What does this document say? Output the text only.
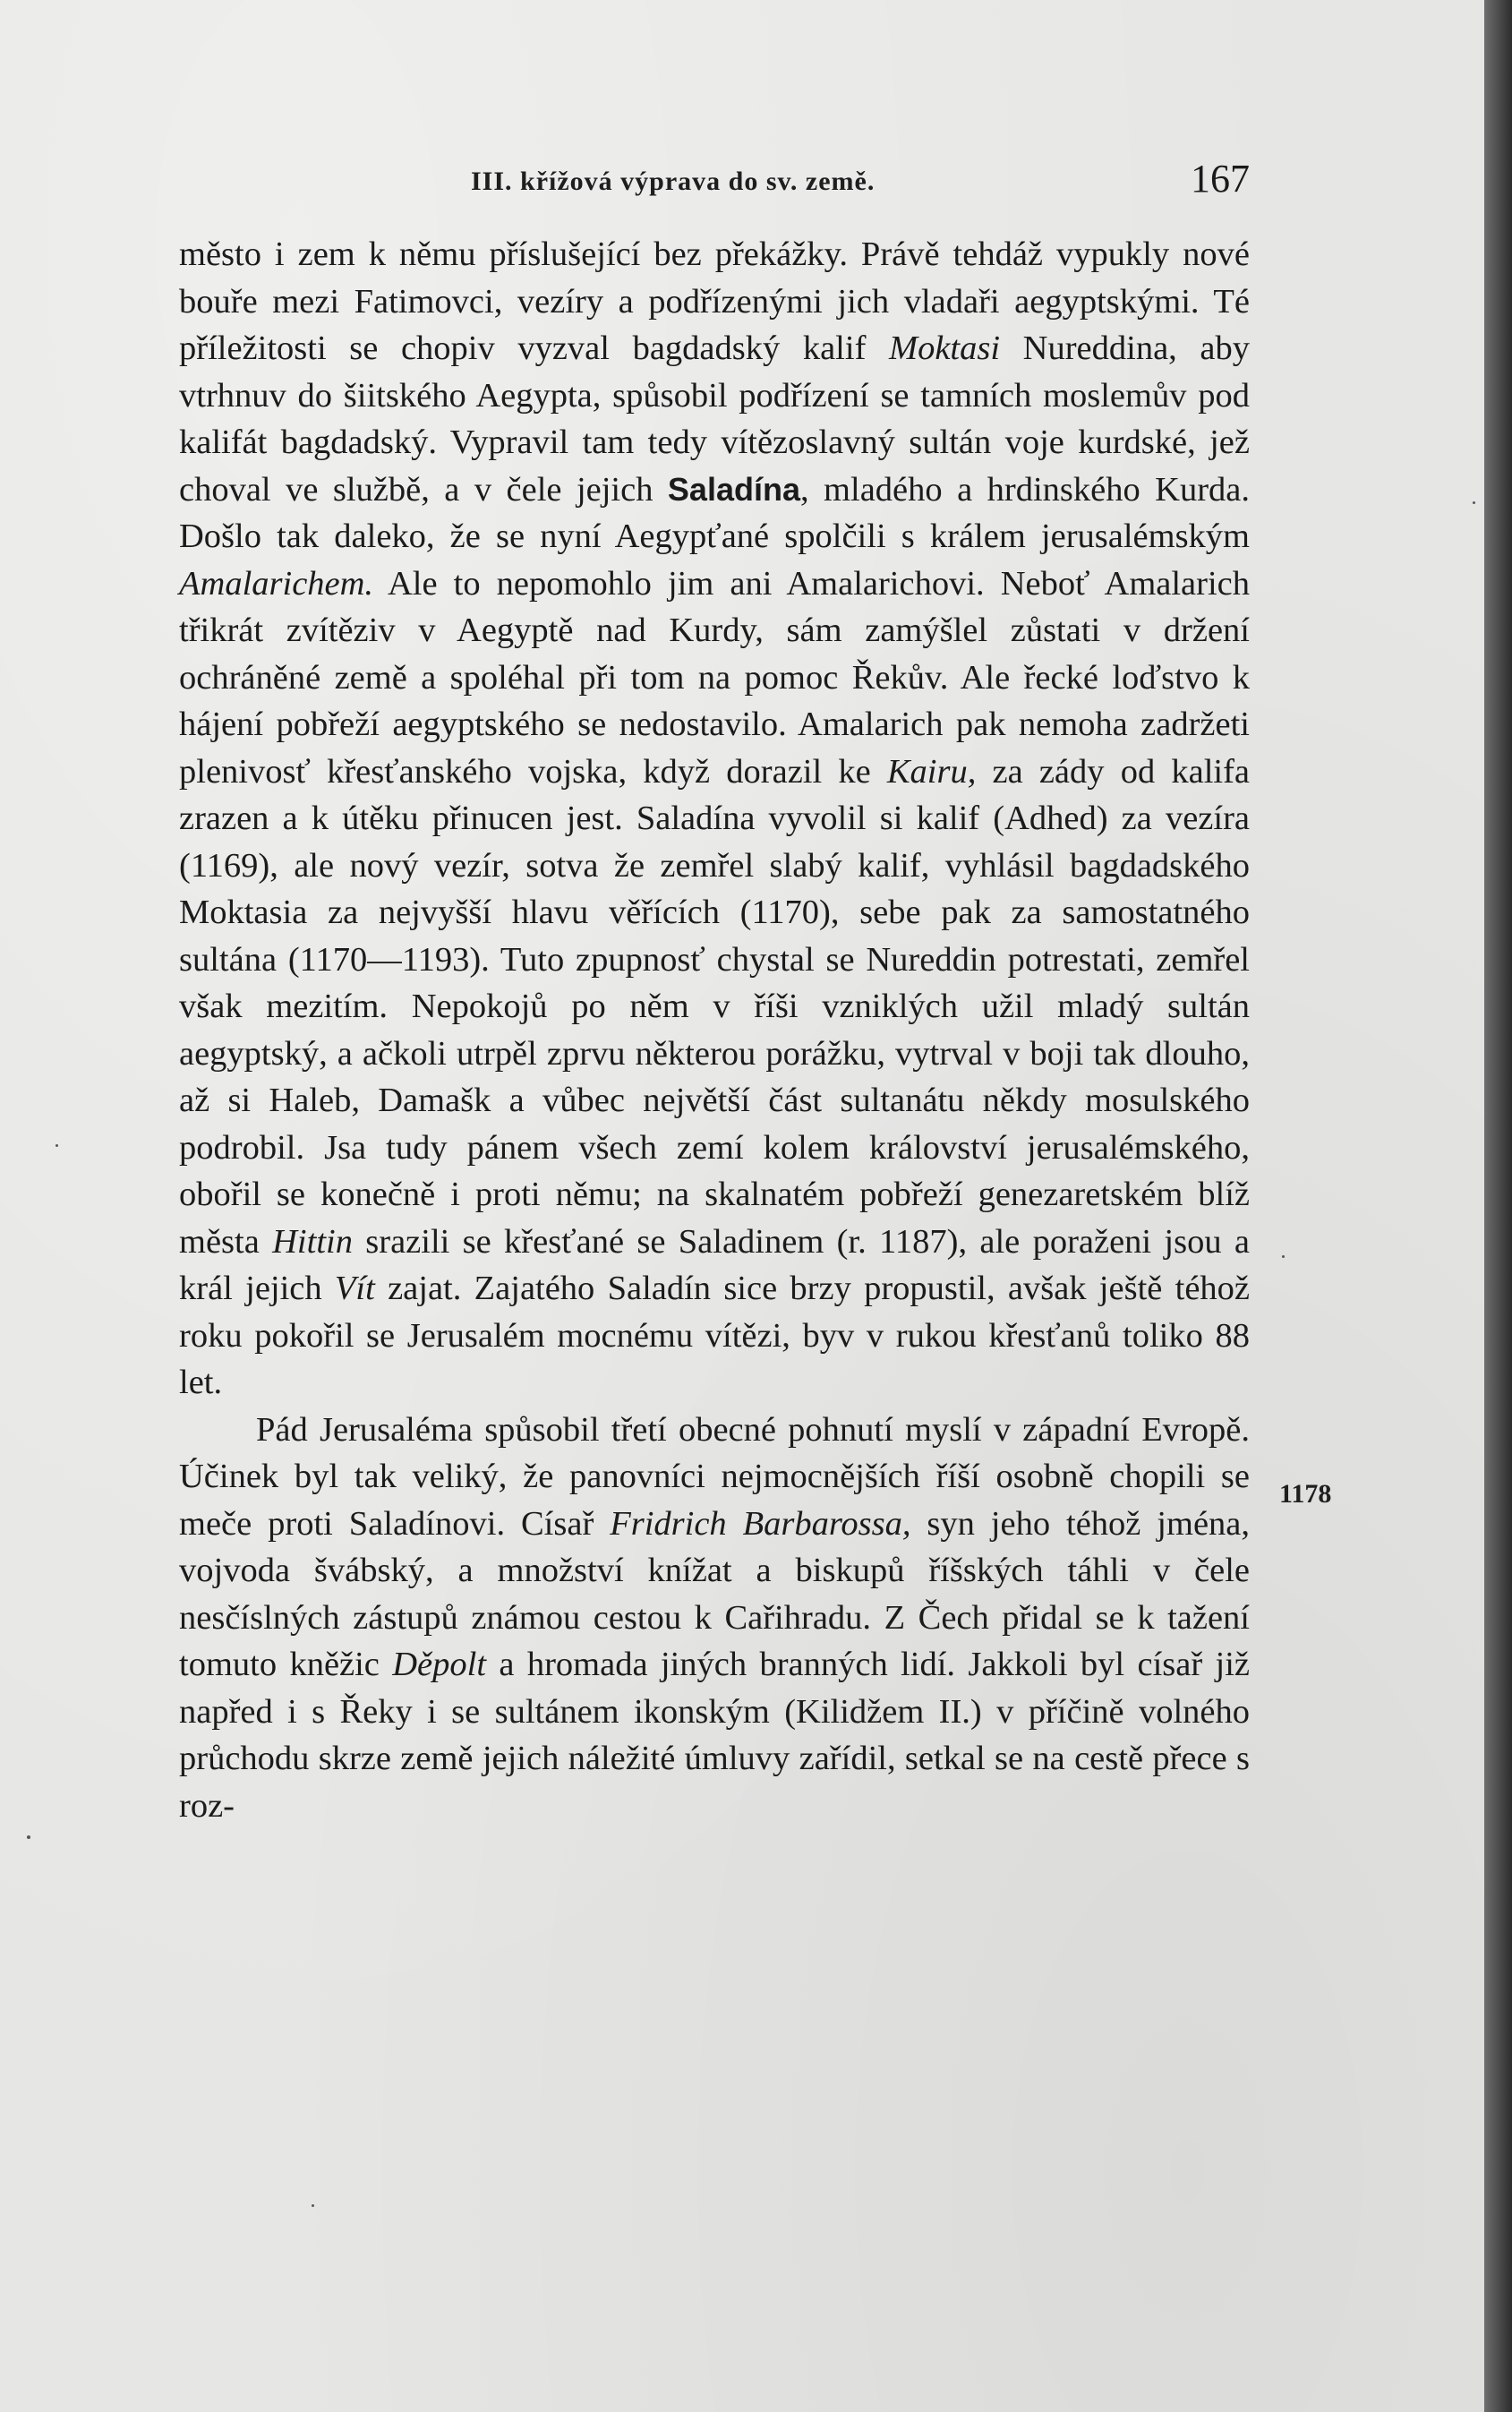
III. křížová výprava do sv. země.	167

město i zem k němu příslušející bez překážky. Právě tehdáž vypukly nové bouře mezi Fatimovci, vezíry a podřízenými jich vladaři aegyptskými. Té příležitosti se chopiv vyzval bagdadský kalif Moktasi Nureddina, aby vtrhnuv do šiitského Aegypta, spůsobil podřízení se tamních moslemův pod kalifát bagdadský. Vypravil tam tedy vítězoslavný sultán voje kurdské, jež choval ve službě, a v čele jejich Saladína, mladého a hrdinského Kurda. Došlo tak daleko, že se nyní Aegypťané spolčili s králem jerusalémským Amalarichem. Ale to nepomohlo jim ani Amalarichovi. Neboť Amalarich třikrát zvítěziv v Aegyptě nad Kurdy, sám zamýšlel zůstati v držení ochráněné země a spoléhal při tom na pomoc Řekův. Ale řecké loďstvo k hájení pobřeží aegyptského se nedostavilo. Amalarich pak nemoha zadržeti plenivosť křesťanského vojska, když dorazil ke Kairu, za zády od kalifa zrazen a k útěku přinucen jest. Saladína vyvolil si kalif (Adhed) za vezíra (1169), ale nový vezír, sotva že zemřel slabý kalif, vyhlásil bagdadského Moktasia za nejvyšší hlavu věřících (1170), sebe pak za samostatného sultána (1170—1193). Tuto zpupnosť chystal se Nureddin potrestati, zemřel však mezitím. Nepokojů po něm v říši vzniklých užil mladý sultán aegyptský, a ačkoli utrpěl zprvu některou porážku, vytrval v boji tak dlouho, až si Haleb, Damašk a vůbec největší část sultanátu někdy mosulského podrobil. Jsa tudy pánem všech zemí kolem království jerusalémského, obořil se konečně i proti němu; na skalnatém pobřeží genezaretském blíž města Hittin srazili se křesťané se Saladinem (r. 1187), ale poraženi jsou a král jejich Vít zajat. Zajatého Saladín sice brzy propustil, avšak ještě téhož roku pokořil se Jerusalém mocnému vítězi, byv v rukou křesťanů toliko 88 let.

Pád Jerusaléma spůsobil třetí obecné pohnutí myslí v západní Evropě. Účinek byl tak veliký, že panovníci nejmocnějších říší osobně chopili se meče proti Saladínovi. Císař Fridrich Barbarossa, syn jeho téhož jména, vojvoda švábský, a množství knížat a biskupů říšských táhli v čele nesčíslných zástupů známou cestou k Cařihradu. Z Čech přidal se k tažení tomuto kněžic Děpolt a hromada jiných branných lidí. Jakkoli byl císař již napřed i s Řeky i se sultánem ikonským (Kilidžem II.) v příčině volného průchodu skrze země jejich náležité úmluvy zařídil, setkal se na cestě přece s roz-

1178
